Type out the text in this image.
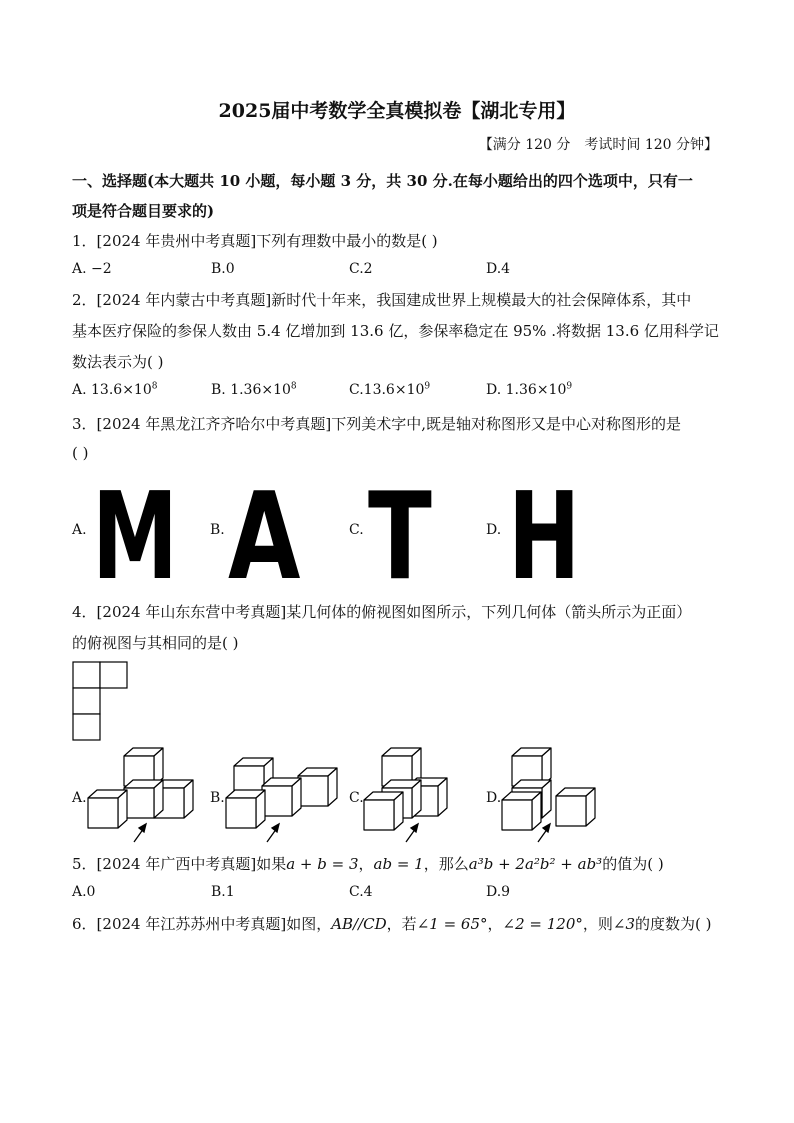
2025届中考数学全真模拟卷【湖北专用】
【满分 120 分　考试时间 120 分钟】
一、选择题(本大题共 10 小题，每小题 3 分，共 30 分.在每小题给出的四个选项中，只有一
项是符合题目要求的)
1．[2024 年贵州中考真题]下列有理数中最小的数是( )
A. −2	B.0	C.2	D.4
2．[2024 年内蒙古中考真题]新时代十年来，我国建成世界上规模最大的社会保障体系，其中
基本医疗保险的参保人数由 5.4 亿增加到 13.6 亿，参保率稳定在 95% .将数据 13.6 亿用科学记
数法表示为( )
A. $13.6\times 10^8$	B. $1.36\times 10^8$	$C.13.6\times 10^9$	D. $1.36\times 10^9$
3．[2024 年黑龙江齐齐哈尔中考真题]下列美术字中,既是轴对称图形又是中心对称图形的是
( )
A.	B.	C.	D.
M A T H
4．[2024 年山东东营中考真题]某几何体的俯视图如图所示，下列几何体（箭头所示为正面）
的俯视图与其相同的是( )
A.	B.	C.	D.
5．[2024 年广西中考真题]如果a + b = 3，ab = 1，那么a³b + 2a²b² + ab³的值为( )
A.0	B.1	C.4	D.9
6．[2024 年江苏苏州中考真题]如图，AB//CD，若∠1 = 65°，∠2 = 120°，则∠3的度数为( )
